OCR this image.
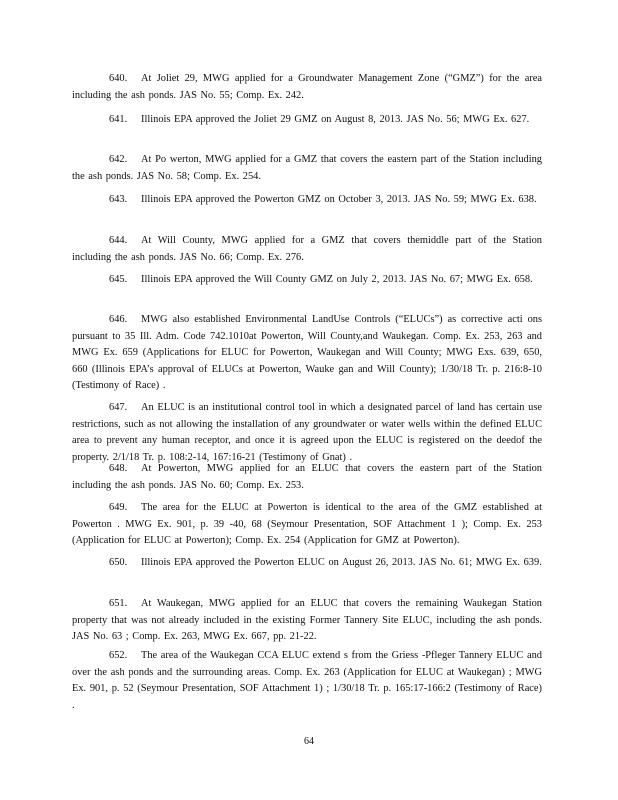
640. At Joliet 29, MWG applied for a Groundwater Management Zone (“GMZ”) for the area including the ash ponds. JAS No. 55; Comp. Ex. 242.
641. Illinois EPA approved the Joliet 29 GMZ on August 8, 2013. JAS No. 56; MWG Ex. 627.
642. At Po werton, MWG applied for a GMZ that covers the eastern part of the Station including the ash ponds. JAS No. 58; Comp. Ex. 254.
643. Illinois EPA approved the Powerton GMZ on October 3, 2013. JAS No. 59; MWG Ex. 638.
644. At Will County, MWG applied for a GMZ that covers themiddle part of the Station including the ash ponds. JAS No. 66; Comp. Ex. 276.
645. Illinois EPA approved the Will County GMZ on July 2, 2013. JAS No. 67; MWG Ex. 658.
646. MWG also established Environmental LandUse Controls (“ELUCs”) as corrective acti ons pursuant to 35 Ill. Adm. Code 742.1010at Powerton, Will County,and Waukegan. Comp. Ex. 253, 263 and MWG Ex. 659 (Applications for ELUC for Powerton, Waukegan and Will County; MWG Exs. 639, 650, 660 (Illinois EPA’s approval of ELUCs at Powerton, Wauke gan and Will County); 1/30/18 Tr. p. 216:8-10 (Testimony of Race) .
647. An ELUC is an institutional control tool in which a designated parcel of land has certain use restrictions, such as not allowing the installation of any groundwater or water wells within the defined ELUC area to prevent any human receptor, and once it is agreed upon the ELUC is registered on the deedof the property. 2/1/18 Tr. p. 108:2-14, 167:16-21 (Testimony of Gnat) .
648. At Powerton, MWG applied for an ELUC that covers the eastern part of the Station including the ash ponds. JAS No. 60; Comp. Ex. 253.
649. The area for the ELUC at Powerton is identical to the area of the GMZ established at Powerton . MWG Ex. 901, p. 39 -40, 68 (Seymour Presentation, SOF Attachment 1 ); Comp. Ex. 253 (Application for ELUC at Powerton); Comp. Ex. 254 (Application for GMZ at Powerton).
650. Illinois EPA approved the Powerton ELUC on August 26, 2013. JAS No. 61; MWG Ex. 639.
651. At Waukegan, MWG applied for an ELUC that covers the remaining Waukegan Station property that was not already included in the existing Former Tannery Site ELUC, including the ash ponds. JAS No. 63 ; Comp. Ex. 263, MWG Ex. 667, pp. 21-22.
652. The area of the Waukegan CCA ELUC extend s from the Griess -Pfleger Tannery ELUC and over the ash ponds and the surrounding areas. Comp. Ex. 263 (Application for ELUC at Waukegan) ; MWG Ex. 901, p. 52 (Seymour Presentation, SOF Attachment 1) ; 1/30/18 Tr. p. 165:17-166:2 (Testimony of Race) .
64
